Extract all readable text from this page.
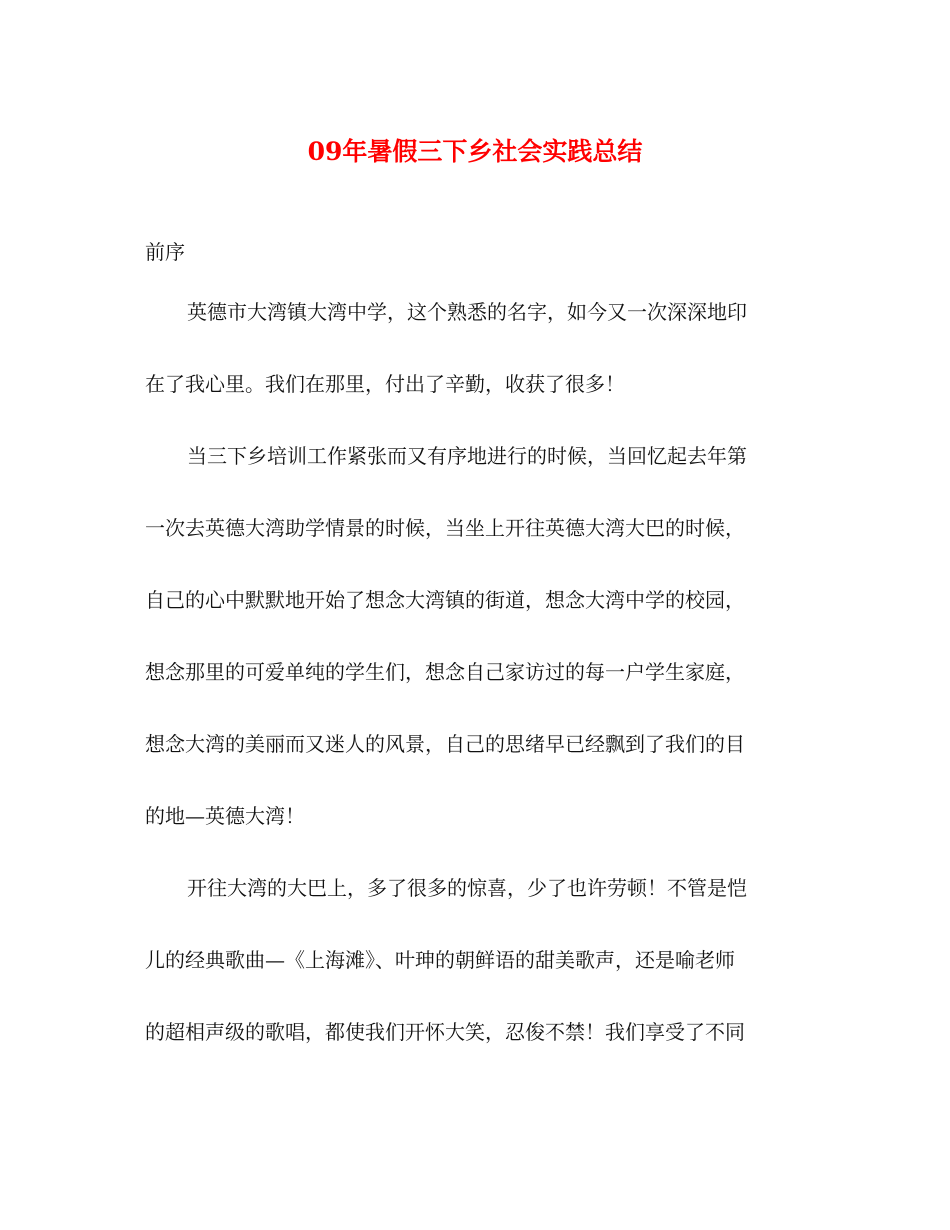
09年暑假三下乡社会实践总结

前序

英德市大湾镇大湾中学，这个熟悉的名字，如今又一次深深地印

在了我心里。我们在那里，付出了辛勤，收获了很多！

当三下乡培训工作紧张而又有序地进行的时候，当回忆起去年第

一次去英德大湾助学情景的时候，当坐上开往英德大湾大巴的时候，

自己的心中默默地开始了想念大湾镇的街道，想念大湾中学的校园，

想念那里的可爱单纯的学生们，想念自己家访过的每一户学生家庭，

想念大湾的美丽而又迷人的风景，自己的思绪早已经飘到了我们的目

的地—英德大湾！

开往大湾的大巴上，多了很多的惊喜，少了也许劳顿！不管是恺

儿的经典歌曲—《上海滩》、叶珅的朝鲜语的甜美歌声，还是喻老师

的超相声级的歌唱，都使我们开怀大笑，忍俊不禁！我们享受了不同
